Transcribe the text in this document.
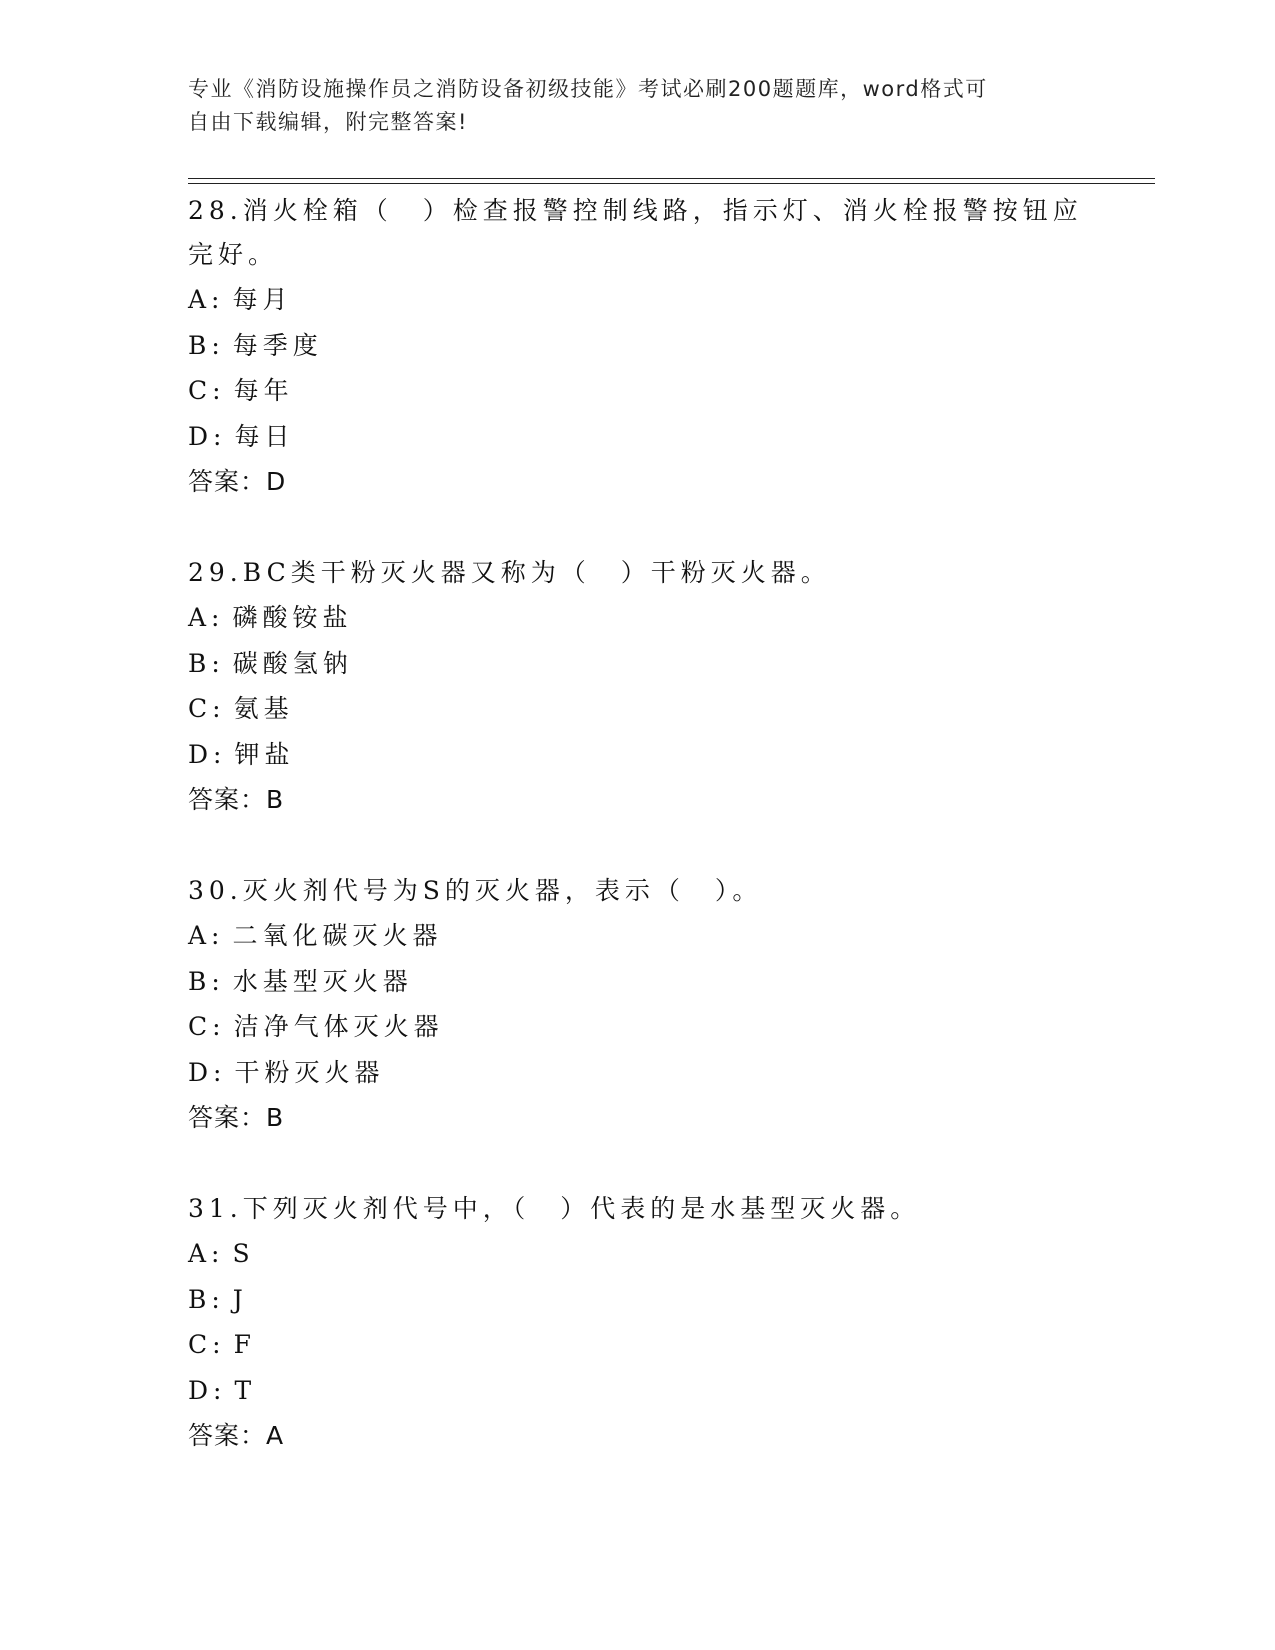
专业《消防设施操作员之消防设备初级技能》考试必刷200题题库，word格式可
自由下载编辑，附完整答案!
28.消火栓箱（　）检查报警控制线路，指示灯、消火栓报警按钮应完好。
A: 每月
B: 每季度
C: 每年
D: 每日
答案：D
29.BC类干粉灭火器又称为（　）干粉灭火器。
A: 磷酸铵盐
B: 碳酸氢钠
C: 氨基
D: 钾盐
答案：B
30.灭火剂代号为S的灭火器，表示（　）。
A: 二氧化碳灭火器
B: 水基型灭火器
C: 洁净气体灭火器
D: 干粉灭火器
答案：B
31.下列灭火剂代号中，（　）代表的是水基型灭火器。
A: S
B: J
C: F
D: T
答案：A
